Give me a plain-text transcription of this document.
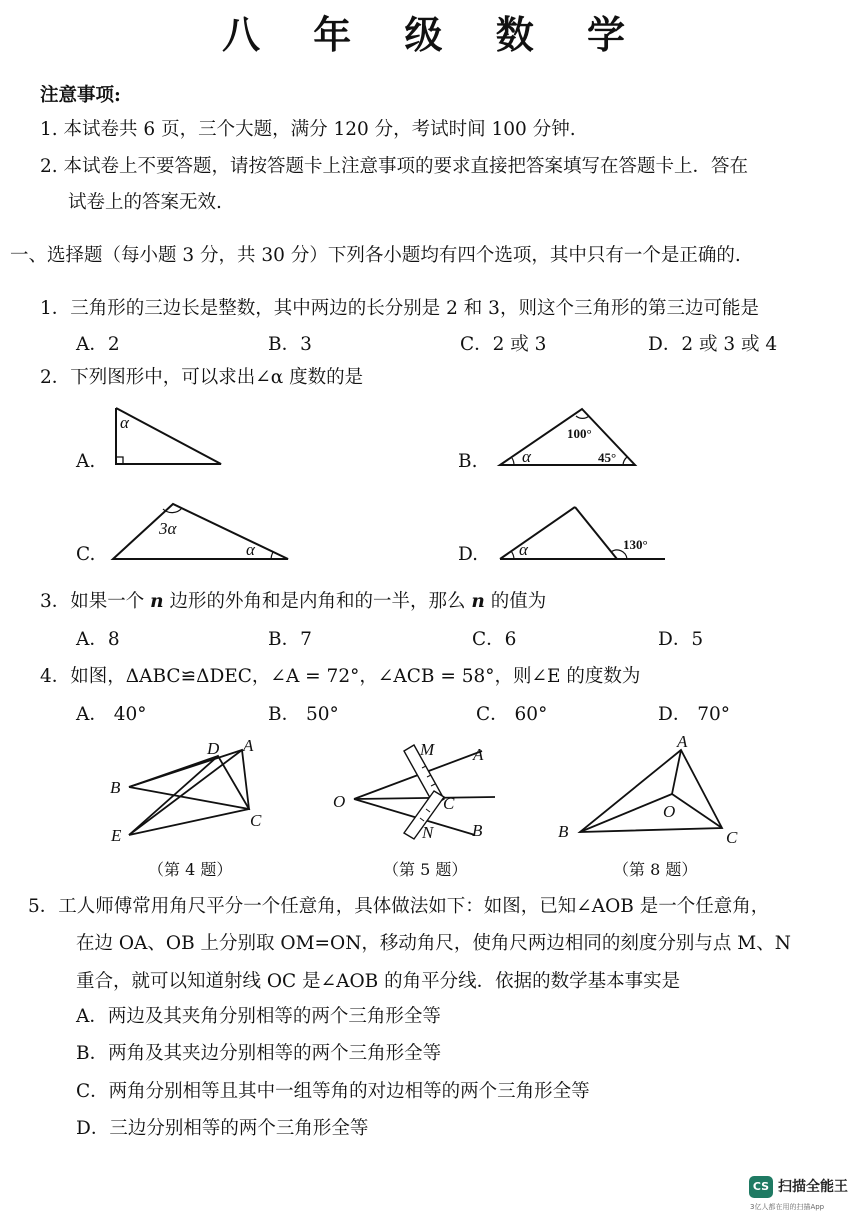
八 年 级 数 学
注意事项:
1. 本试卷共 6 页，三个大题，满分 120 分，考试时间 100 分钟.
2. 本试卷上不要答题，请按答题卡上注意事项的要求直接把答案填写在答题卡上．答在
试卷上的答案无效.
一、选择题（每小题 3 分，共 30 分）下列各小题均有四个选项，其中只有一个是正确的.
1．三角形的三边长是整数，其中两边的长分别是 2 和 3，则这个三角形的第三边可能是
A．2	B．3	C．2 或 3	D．2 或 3 或 4
2．下列图形中，可以求出∠α 度数的是
A.	B.
C.	D.
α
100°
45°
α
3α
α	130°
α
3．如果一个 n 边形的外角和是内角和的一半，那么 n 的值为
A．8	B．7	C．6	D．5
4．如图，ΔABC≌ΔDEC，∠A = 72°，∠ACB = 58°，则∠E 的度数为
A． 40°	B． 50°	C． 60°	D． 70°
D A
B
C
E
（第 4 题）
M A
O	C
N B
（第 5 题）
A
O
B	C
（第 8 题）
5．工人师傅常用角尺平分一个任意角，具体做法如下：如图，已知∠AOB 是一个任意角，
在边 OA、OB 上分别取 OM=ON，移动角尺，使角尺两边相同的刻度分别与点 M、N
重合，就可以知道射线 OC 是∠AOB 的角平分线．依据的数学基本事实是
A．两边及其夹角分别相等的两个三角形全等
B．两角及其夹边分别相等的两个三角形全等
C．两角分别相等且其中一组等角的对边相等的两个三角形全等
D．三边分别相等的两个三角形全等
CS 扫描全能王
3亿人都在用的扫描App
